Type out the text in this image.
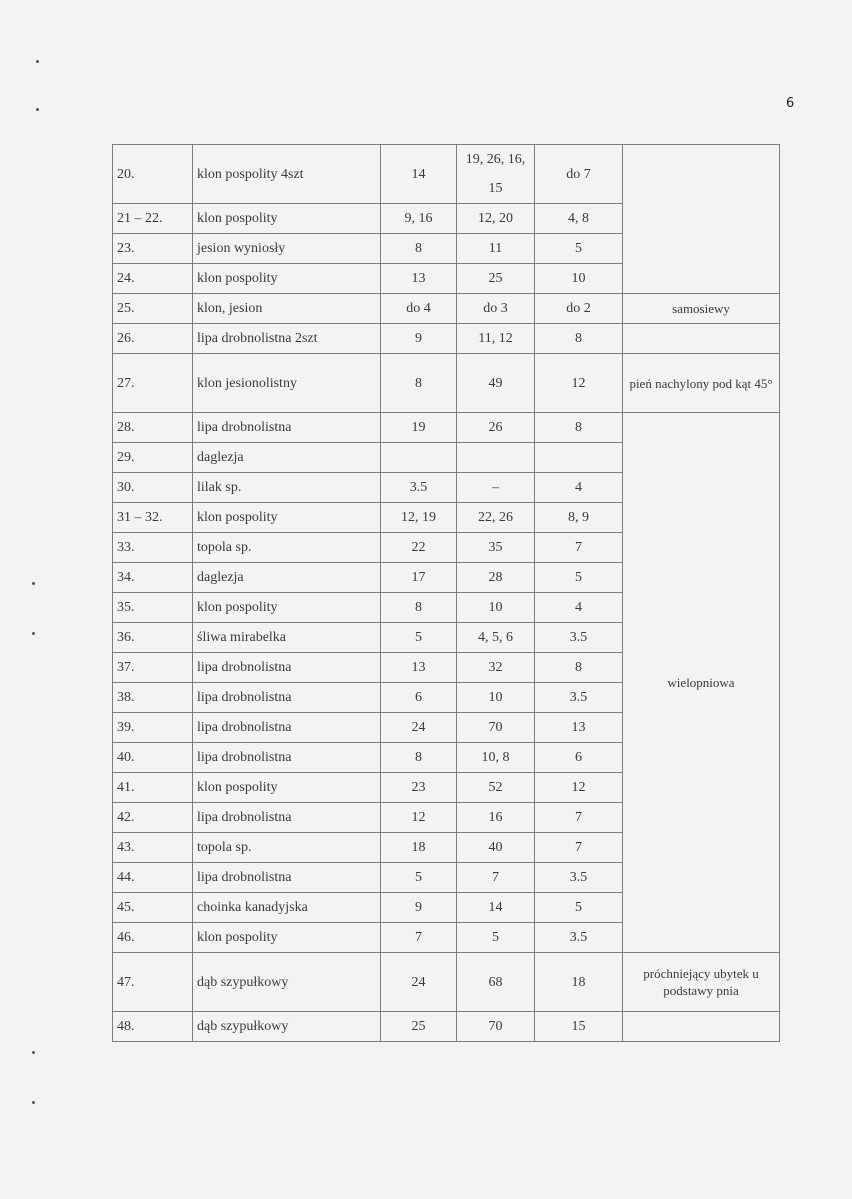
6
20.	klon pospolity 4szt	14	19, 26, 16, 15	do 7	
21 – 22.	klon pospolity	9, 16	12, 20	4, 8	
23.	jesion wyniosły	8	11	5	
24.	klon pospolity	13	25	10	
25.	klon, jesion	do 4	do 3	do 2	samosiewy
26.	lipa drobnolistna 2szt	9	11, 12	8	
27.	klon jesionolistny	8	49	12	pień nachylony pod kąt 45°
28.	lipa drobnolistna	19	26	8	wielopniowa
29.	daglezja				
30.	lilak sp.	3.5	–	4	
31 – 32.	klon pospolity	12, 19	22, 26	8, 9	
33.	topola sp.	22	35	7	
34.	daglezja	17	28	5	
35.	klon pospolity	8	10	4	
36.	śliwa mirabelka	5	4, 5, 6	3.5	
37.	lipa drobnolistna	13	32	8	
38.	lipa drobnolistna	6	10	3.5	
39.	lipa drobnolistna	24	70	13	
40.	lipa drobnolistna	8	10, 8	6	
41.	klon pospolity	23	52	12	
42.	lipa drobnolistna	12	16	7	
43.	topola sp.	18	40	7	
44.	lipa drobnolistna	5	7	3.5	
45.	choinka kanadyjska	9	14	5	
46.	klon pospolity	7	5	3.5	
47.	dąb szypułkowy	24	68	18	próchniejący ubytek u podstawy pnia
48.	dąb szypułkowy	25	70	15	
